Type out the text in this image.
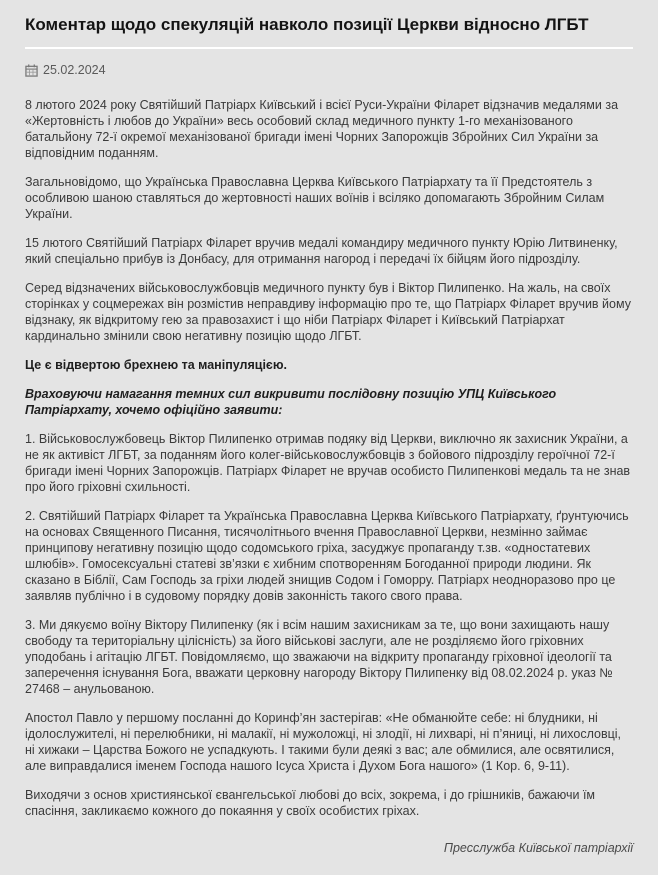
Коментар щодо спекуляцій навколо позиції Церкви відносно ЛГБТ
25.02.2024

8 лютого 2024 року Святійший Патріарх Київський і всієї Руси-України Філарет відзначив медалями за «Жертовність і любов до України» весь особовий склад медичного пункту 1-го механізованого батальйону 72-ї окремої механізованої бригади імені Чорних Запорожців Збройних Сил України за відповідним поданням.

Загальновідомо, що Українська Православна Церква Київського Патріархату та її Предстоятель з особливою шаною ставляться до жертовності наших воїнів і всіляко допомагають Збройним Силам України.

15 лютого Святійший Патріарх Філарет вручив медалі командиру медичного пункту Юрію Литвиненку, який спеціально прибув із Донбасу, для отримання нагород і передачі їх бійцям його підрозділу.

Серед відзначених військовослужбовців медичного пункту був і Віктор Пилипенко. На жаль, на своїх сторінках у соцмережах він розмістив неправдиву інформацію про те, що Патріарх Філарет вручив йому відзнаку, як відкритому гею за правозахист і що ніби Патріарх Філарет і Київський Патріархат кардинально змінили свою негативну позицію щодо ЛГБТ.

Це є відвертою брехнею та маніпуляцією.

Враховуючи намагання темних сил викривити послідовну позицію УПЦ Київського Патріархату, хочемо офіційно заявити:

1. Військовослужбовець Віктор Пилипенко отримав подяку від Церкви, виключно як захисник України, а не як активіст ЛГБТ, за поданням його колег-військовослужбовців з бойового підрозділу героїчної 72-ї бригади імені Чорних Запорожців. Патріарх Філарет не вручав особисто Пилипенкові медаль та не знав про його гріховні схильності.

2. Святійший Патріарх Філарет та Українська Православна Церква Київського Патріархату, ґрунтуючись на основах Священного Писання, тисячолітнього вчення Православної Церкви, незмінно займає принципову негативну позицію щодо содомського гріха, засуджує пропаганду т.зв. «одностатевих шлюбів». Гомосексуальні статеві зв’язки є хибним спотворенням Богоданної природи людини. Як сказано в Біблії, Сам Господь за гріхи людей знищив Содом і Гоморру. Патріарх неодноразово про це заявляв публічно і в судовому порядку довів законність такого свого права.

3. Ми дякуємо воїну Віктору Пилипенку (як і всім нашим захисникам за те, що вони захищають нашу свободу та територіальну цілісність) за його військові заслуги, але не розділяємо його гріховних уподобань і агітацію ЛГБТ. Повідомляємо, що зважаючи на відкриту пропаганду гріховної ідеології та заперечення існування Бога, вважати церковну нагороду Віктору Пилипенку від 08.02.2024 р. указ № 27468 – анульованою.

Апостол Павло у першому посланні до Коринф’ян застерігав: «Не обманюйте себе: ні блудники, ні ідолослужителі, ні перелюбники, ні малакії, ні мужоложці, ні злодії, ні лихварі, ні п’яниці, ні лихословці, ні хижаки – Царства Божого не успадкують. І такими були деякі з вас; але обмилися, але освятилися, але виправдалися іменем Господа нашого Ісуса Христа і Духом Бога нашого» (1 Кор. 6, 9-11).

Виходячи з основ християнської євангельської любові до всіх, зокрема, і до грішників, бажаючи їм спасіння, закликаємо кожного до покаяння у своїх особистих гріхах.

Пресслужба Київської патріархії
